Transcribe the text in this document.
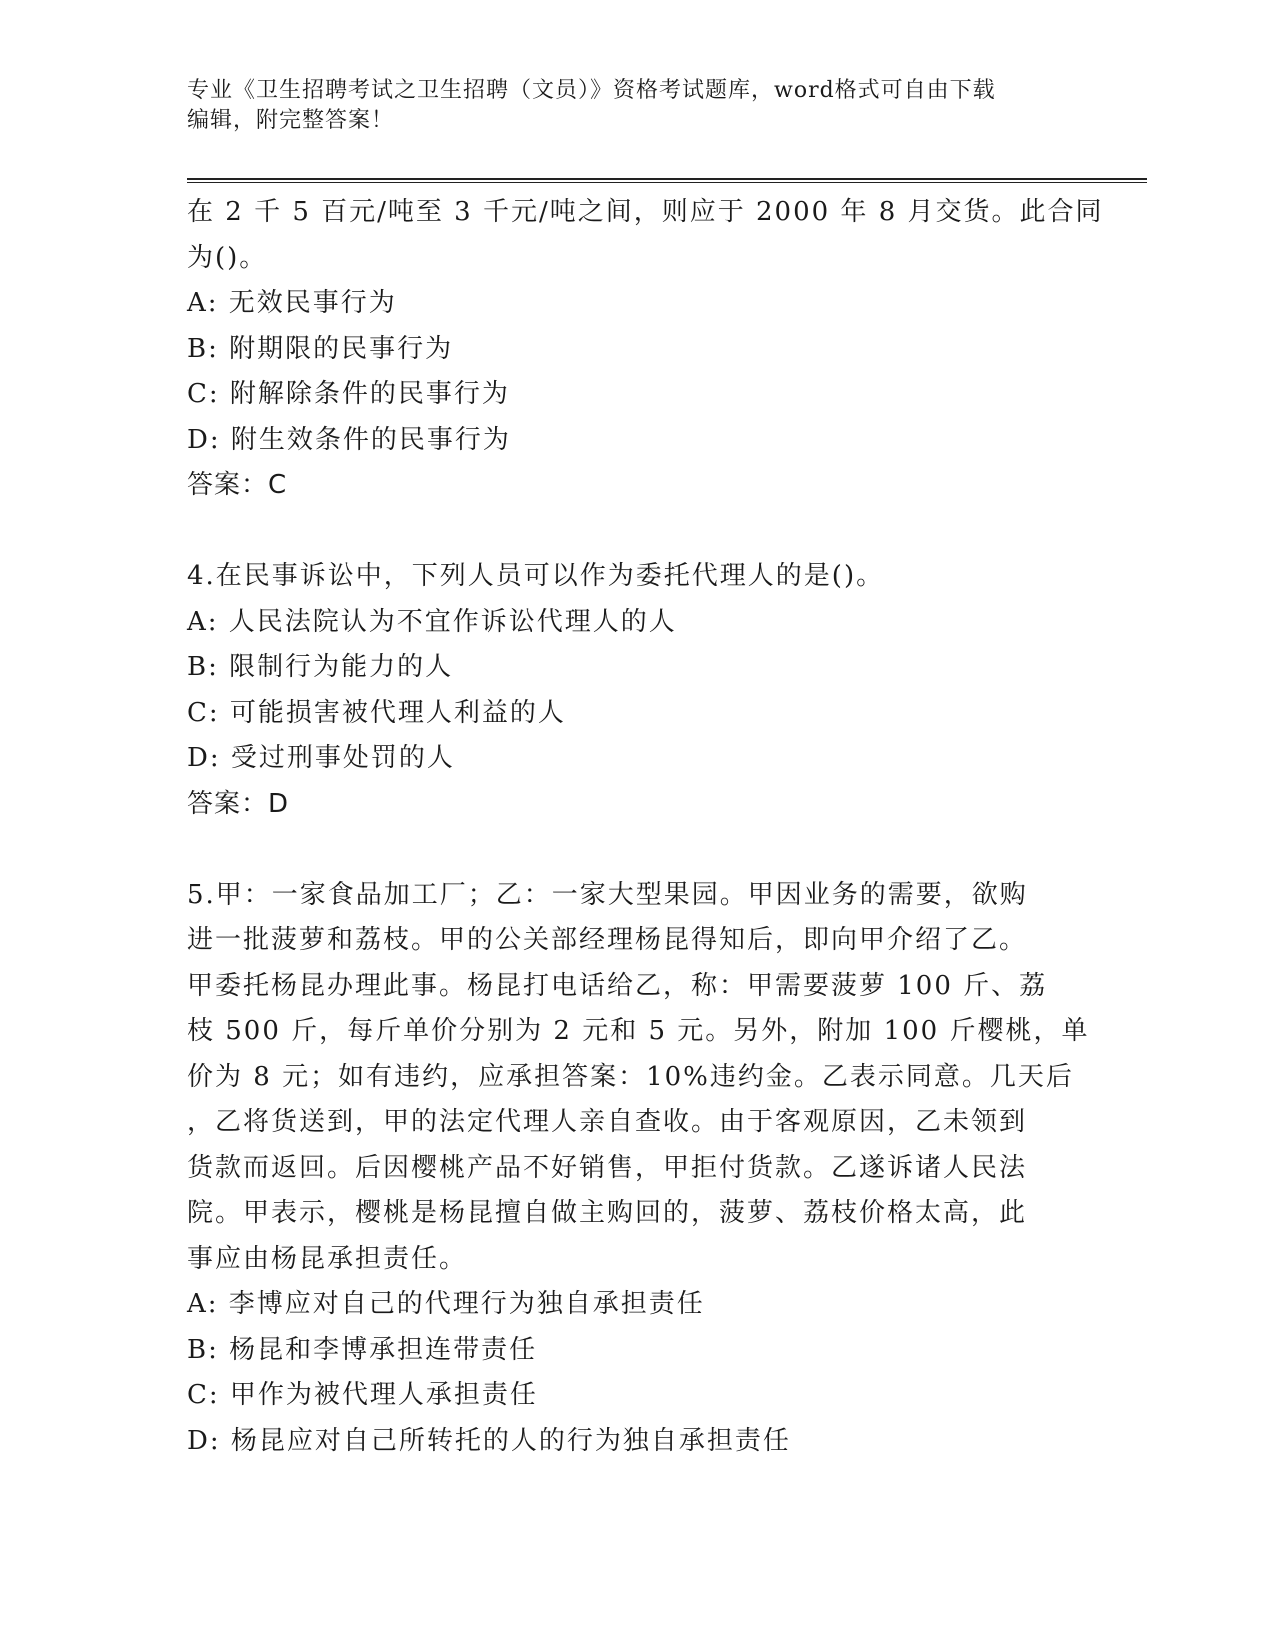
专业《卫生招聘考试之卫生招聘（文员）》资格考试题库，word格式可自由下载
编辑，附完整答案！
在 2 千 5 百元/吨至 3 千元/吨之间，则应于 2000 年 8 月交货。此合同
为()。
A: 无效民事行为
B: 附期限的民事行为
C: 附解除条件的民事行为
D: 附生效条件的民事行为
答案：C
4.在民事诉讼中，下列人员可以作为委托代理人的是()。
A: 人民法院认为不宜作诉讼代理人的人
B: 限制行为能力的人
C: 可能损害被代理人利益的人
D: 受过刑事处罚的人
答案：D
5.甲：一家食品加工厂；乙：一家大型果园。甲因业务的需要，欲购
进一批菠萝和荔枝。甲的公关部经理杨昆得知后，即向甲介绍了乙。
甲委托杨昆办理此事。杨昆打电话给乙，称：甲需要菠萝 100 斤、荔
枝 500 斤，每斤单价分别为 2 元和 5 元。另外，附加 100 斤樱桃，单
价为 8 元；如有违约，应承担答案：10%违约金。乙表示同意。几天后
，乙将货送到，甲的法定代理人亲自查收。由于客观原因，乙未领到
货款而返回。后因樱桃产品不好销售，甲拒付货款。乙遂诉诸人民法
院。甲表示，樱桃是杨昆擅自做主购回的，菠萝、荔枝价格太高，此
事应由杨昆承担责任。
A: 李博应对自己的代理行为独自承担责任
B: 杨昆和李博承担连带责任
C: 甲作为被代理人承担责任
D: 杨昆应对自己所转托的人的行为独自承担责任
